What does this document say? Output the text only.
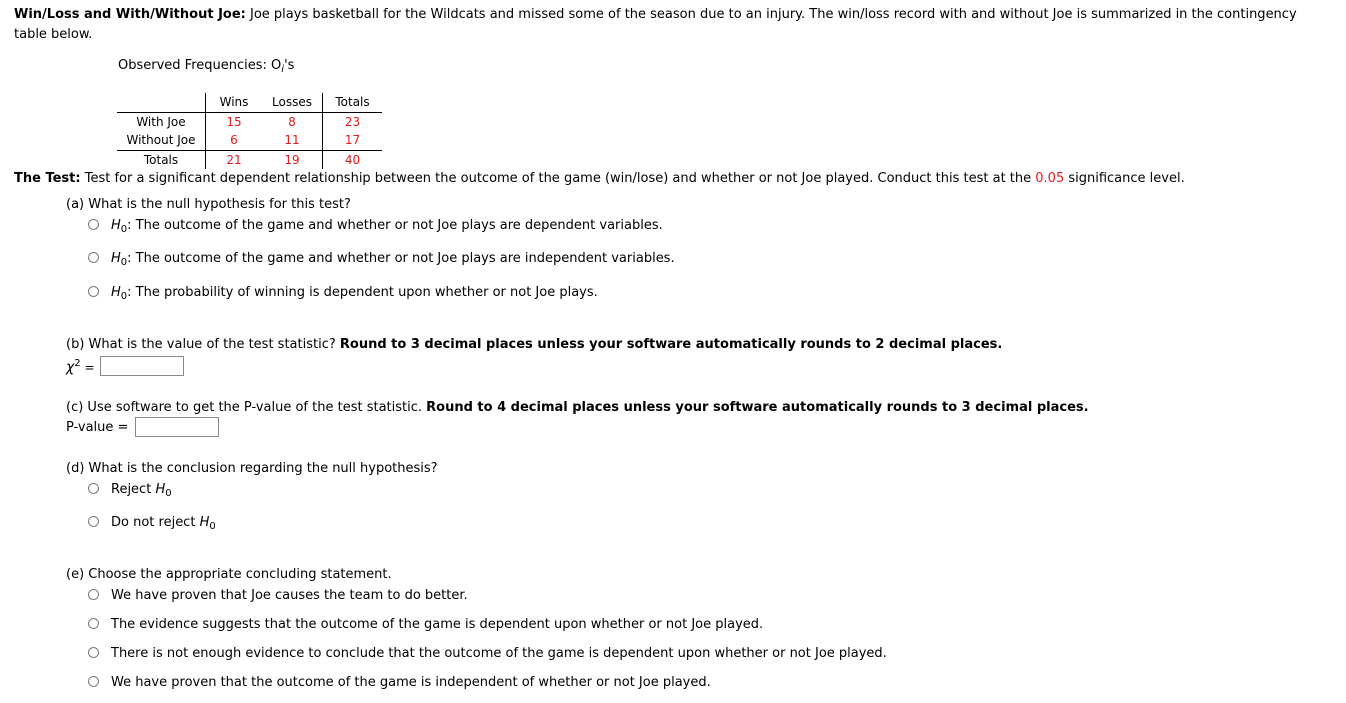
Win/Loss and With/Without Joe: Joe plays basketball for the Wildcats and missed some of the season due to an injury. The win/loss record with and without Joe is summarized in the contingency
table below.
Observed Frequencies: $O_i's$
	Wins	Losses	Totals
With Joe	15	8	23
Without Joe	6	11	17
Totals	21	19	40
The Test: Test for a significant dependent relationship between the outcome of the game (win/lose) and whether or not Joe played. Conduct this test at the 0.05 significance level.
(a) What is the null hypothesis for this test?
$H_0$: The outcome of the game and whether or not Joe plays are dependent variables.
$H_0$: The outcome of the game and whether or not Joe plays are independent variables.
$H_0$: The probability of winning is dependent upon whether or not Joe plays.
(b) What is the value of the test statistic? Round to 3 decimal places unless your software automatically rounds to 2 decimal places.
$\chi^2$ =
(c) Use software to get the P-value of the test statistic. Round to 4 decimal places unless your software automatically rounds to 3 decimal places.
P-value =
(d) What is the conclusion regarding the null hypothesis?
Reject $H_0$
Do not reject $H_0$
(e) Choose the appropriate concluding statement.
We have proven that Joe causes the team to do better.
The evidence suggests that the outcome of the game is dependent upon whether or not Joe played.
There is not enough evidence to conclude that the outcome of the game is dependent upon whether or not Joe played.
We have proven that the outcome of the game is independent of whether or not Joe played.
